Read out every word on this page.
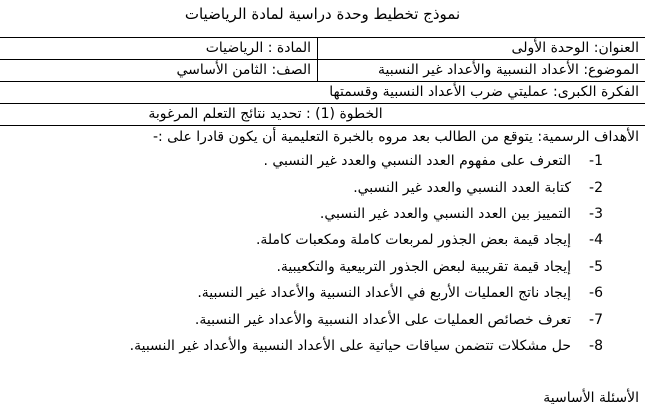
نموذج تخطيط وحدة دراسية لمادة الرياضيات
العنوان: الوحدة الأولى
المادة : الرياضيات
الموضوع: الأعداد النسبية والأعداد غير النسبية
الصف: الثامن الأساسي
الفكرة الكبرى: عمليتي ضرب الأعداد النسبية وقسمتها
الخطوة (1) : تحديد نتائج التعلم المرغوبة
الأهداف الرسمية: يتوقع من الطالب بعد مروه بالخبرة التعليمية أن يكون قادرا على :-
1-
التعرف على مفهوم العدد النسبي والعدد غير النسبي .
2-
كتابة العدد النسبي والعدد غير النسبي.
3-
التمييز بين العدد النسبي والعدد غير النسبي.
4-
إيجاد قيمة بعض الجذور لمربعات كاملة ومكعبات كاملة.
5-
إيجاد قيمة تقريبية لبعض الجذور التربيعية والتكعيبية.
6-
إيجاد ناتج العمليات الأربع في الأعداد النسبية والأعداد غير النسبية.
7-
تعرف خصائص العمليات على الأعداد النسبية والأعداد غير النسبية.
8-
حل مشكلات تتضمن سياقات حياتية على الأعداد النسبية والأعداد غير النسبية.
الأسئلة الأساسية
